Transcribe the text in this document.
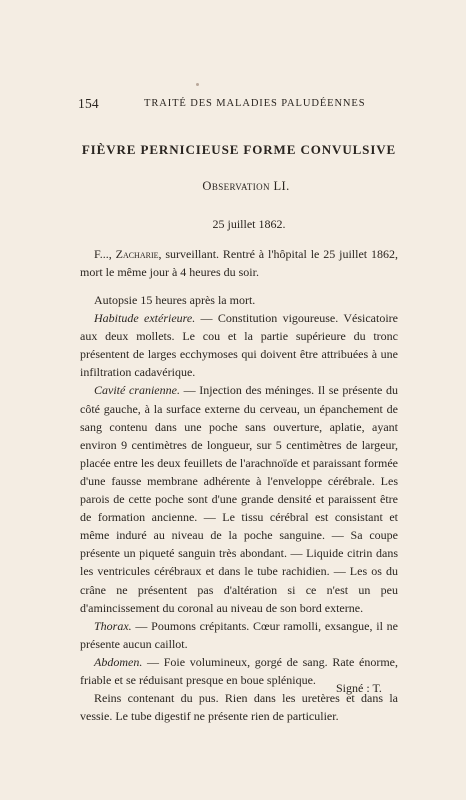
154	TRAITÉ DES MALADIES PALUDÉENNES
FIÈVRE PERNICIEUSE FORME CONVULSIVE
Observation LI.
25 juillet 1862.

F..., Zacharie, surveillant. Rentré à l'hôpital le 25 juillet 1862, mort le même jour à 4 heures du soir.

Autopsie 15 heures après la mort.

Habitude extérieure. — Constitution vigoureuse. Vésicatoire aux deux mollets. Le cou et la partie supérieure du tronc présentent de larges ecchymoses qui doivent être attribuées à une infiltration cadavérique.

Cavité cranienne. — Injection des méninges. Il se présente du côté gauche, à la surface externe du cerveau, un épanchement de sang contenu dans une poche sans ouverture, aplatie, ayant environ 9 centimètres de longueur, sur 5 centimètres de largeur, placée entre les deux feuillets de l'arachnoïde et paraissant formée d'une fausse membrane adhérente à l'enveloppe cérébrale. Les parois de cette poche sont d'une grande densité et paraissent être de formation ancienne. — Le tissu cérébral est consistant et même induré au niveau de la poche sanguine. — Sa coupe présente un piqueté sanguin très abondant. — Liquide citrin dans les ventricules cérébraux et dans le tube rachidien. — Les os du crâne ne présentent pas d'altération si ce n'est un peu d'amincissement du coronal au niveau de son bord externe.

Thorax. — Poumons crépitants. Cœur ramolli, exsangue, il ne présente aucun caillot.

Abdomen. — Foie volumineux, gorgé de sang. Rate énorme, friable et se réduisant presque en boue splénique.

Reins contenant du pus. Rien dans les uretères et dans la vessie. Le tube digestif ne présente rien de particulier.

Signé : T.
